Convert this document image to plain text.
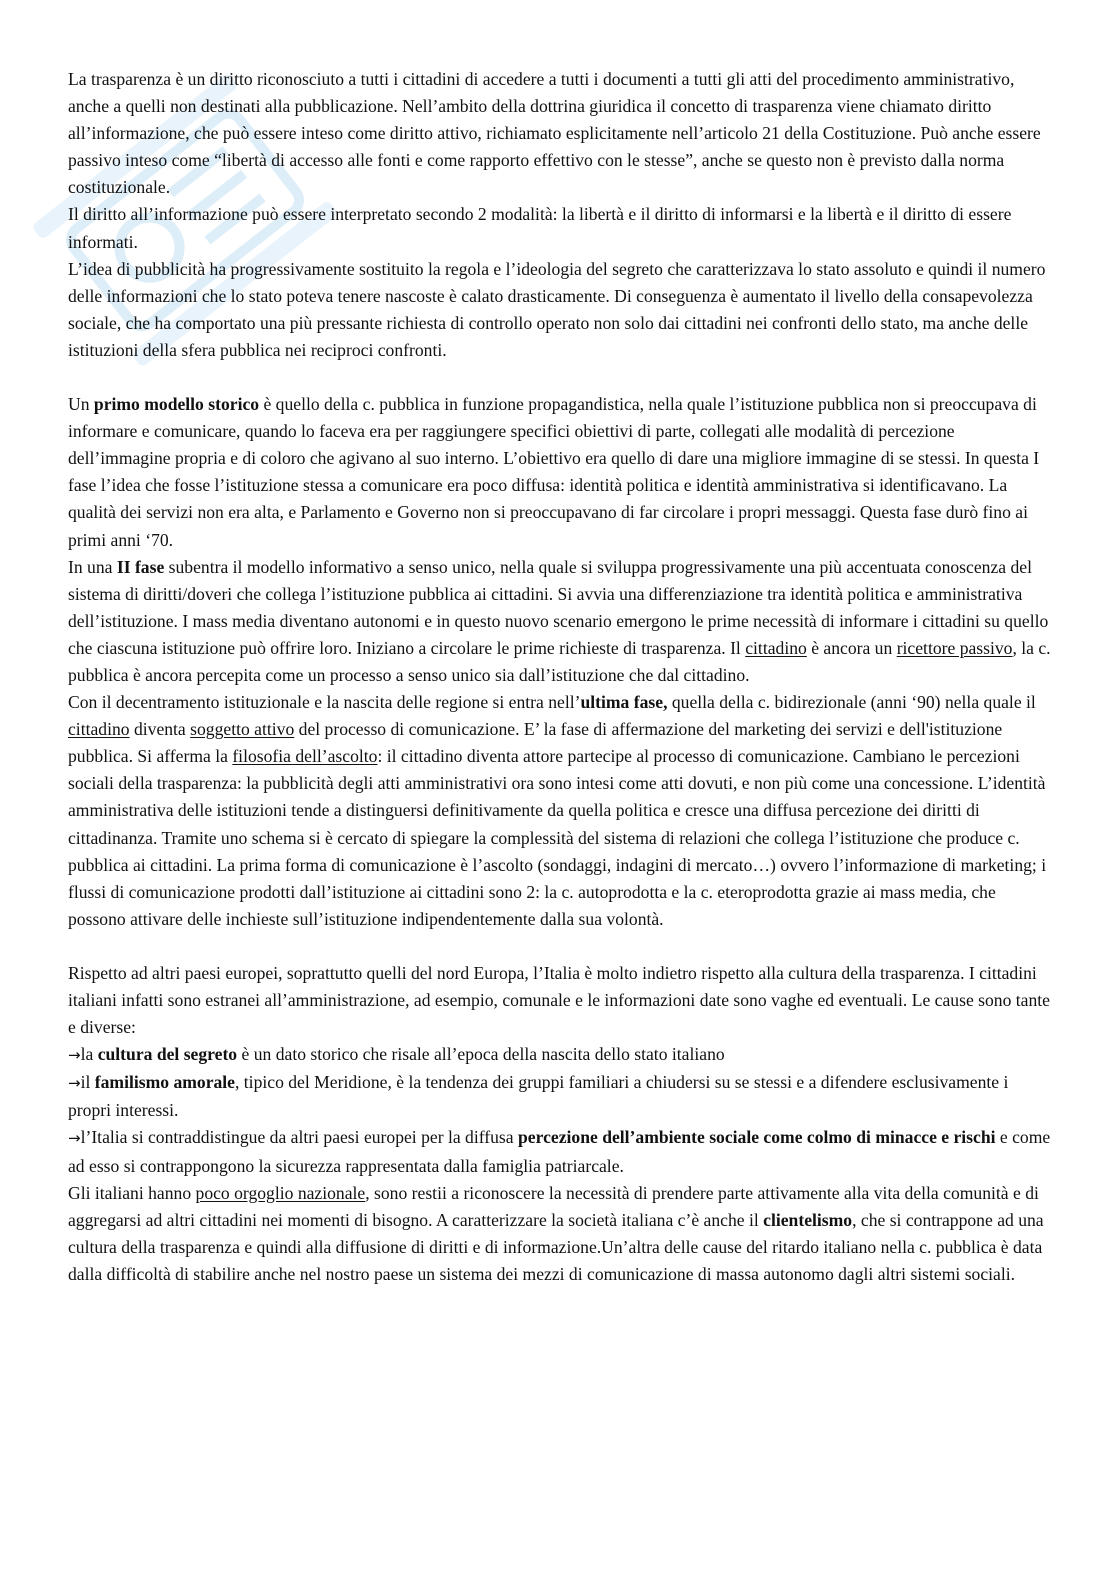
La trasparenza è un diritto riconosciuto a tutti i cittadini di accedere a tutti i documenti a tutti gli atti del procedimento amministrativo, anche a quelli non destinati alla pubblicazione. Nell’ambito della dottrina giuridica il concetto di trasparenza viene chiamato diritto all’informazione, che può essere inteso come diritto attivo, richiamato esplicitamente nell’articolo 21 della Costituzione. Può anche essere passivo inteso come “libertà di accesso alle fonti e come rapporto effettivo con le stesse”, anche se questo non è previsto dalla norma costituzionale.

Il diritto all’informazione può essere interpretato secondo 2 modalità: la libertà e il diritto di informarsi e la libertà e il diritto di essere informati.

L’idea di pubblicità ha progressivamente sostituito la regola e l’ideologia del segreto che caratterizzava lo stato assoluto e quindi il numero delle informazioni che lo stato poteva tenere nascoste è calato drasticamente. Di conseguenza è aumentato il livello della consapevolezza sociale, che ha comportato una più pressante richiesta di controllo operato non solo dai cittadini nei confronti dello stato, ma anche delle istituzioni della sfera pubblica nei reciproci confronti.

Un primo modello storico è quello della c. pubblica in funzione propagandistica, nella quale l’istituzione pubblica non si preoccupava di informare e comunicare, quando lo faceva era per raggiungere specifici obiettivi di parte, collegati alle modalità di percezione dell’immagine propria e di coloro che agivano al suo interno. L’obiettivo era quello di dare una migliore immagine di se stessi. In questa I fase l’idea che fosse l’istituzione stessa a comunicare era poco diffusa: identità politica e identità amministrativa si identificavano. La qualità dei servizi non era alta, e Parlamento e Governo non si preoccupavano di far circolare i propri messaggi. Questa fase durò fino ai primi anni ‘70.

In una II fase subentra il modello informativo a senso unico, nella quale si sviluppa progressivamente una più accentuata conoscenza del sistema di diritti/doveri che collega l’istituzione pubblica ai cittadini. Si avvia una differenziazione tra identità politica e amministrativa dell’istituzione. I mass media diventano autonomi e in questo nuovo scenario emergono le prime necessità di informare i cittadini su quello che ciascuna istituzione può offrire loro. Iniziano a circolare le prime richieste di trasparenza. Il cittadino è ancora un ricettore passivo, la c. pubblica è ancora percepita come un processo a senso unico sia dall’istituzione che dal cittadino.

Con il decentramento istituzionale e la nascita delle regione si entra nell’ultima fase, quella della c. bidirezionale (anni ‘90) nella quale il cittadino diventa soggetto attivo del processo di comunicazione. E’ la fase di affermazione del marketing dei servizi e dell'istituzione pubblica. Si afferma la filosofia dell’ascolto: il cittadino diventa attore partecipe al processo di comunicazione. Cambiano le percezioni sociali della trasparenza: la pubblicità degli atti amministrativi ora sono intesi come atti dovuti, e non più come una concessione. L’identità amministrativa delle istituzioni tende a distinguersi definitivamente da quella politica e cresce una diffusa percezione dei diritti di cittadinanza. Tramite uno schema si è cercato di spiegare la complessità del sistema di relazioni che collega l’istituzione che produce c. pubblica ai cittadini. La prima forma di comunicazione è l’ascolto (sondaggi, indagini di mercato…) ovvero l’informazione di marketing; i flussi di comunicazione prodotti dall’istituzione ai cittadini sono 2: la c. autoprodotta e la c. eteroprodotta grazie ai mass media, che possono attivare delle inchieste sull’istituzione indipendentemente dalla sua volontà.

Rispetto ad altri paesi europei, soprattutto quelli del nord Europa, l’Italia è molto indietro rispetto alla cultura della trasparenza. I cittadini italiani infatti sono estranei all’amministrazione, ad esempio, comunale e le informazioni date sono vaghe ed eventuali. Le cause sono tante e diverse:

→la cultura del segreto è un dato storico che risale all’epoca della nascita dello stato italiano

→il familismo amorale, tipico del Meridione, è la tendenza dei gruppi familiari a chiudersi su se stessi e a difendere esclusivamente i propri interessi.

→l’Italia si contraddistingue da altri paesi europei per la diffusa percezione dell’ambiente sociale come colmo di minacce e rischi e come ad esso si contrappongono la sicurezza rappresentata dalla famiglia patriarcale.

Gli italiani hanno poco orgoglio nazionale, sono restii a riconoscere la necessità di prendere parte attivamente alla vita della comunità e di aggregarsi ad altri cittadini nei momenti di bisogno. A caratterizzare la società italiana c’è anche il clientelismo, che si contrappone ad una cultura della trasparenza e quindi alla diffusione di diritti e di informazione.Un’altra delle cause del ritardo italiano nella c. pubblica è data dalla difficoltà di stabilire anche nel nostro paese un sistema dei mezzi di comunicazione di massa autonomo dagli altri sistemi sociali.
